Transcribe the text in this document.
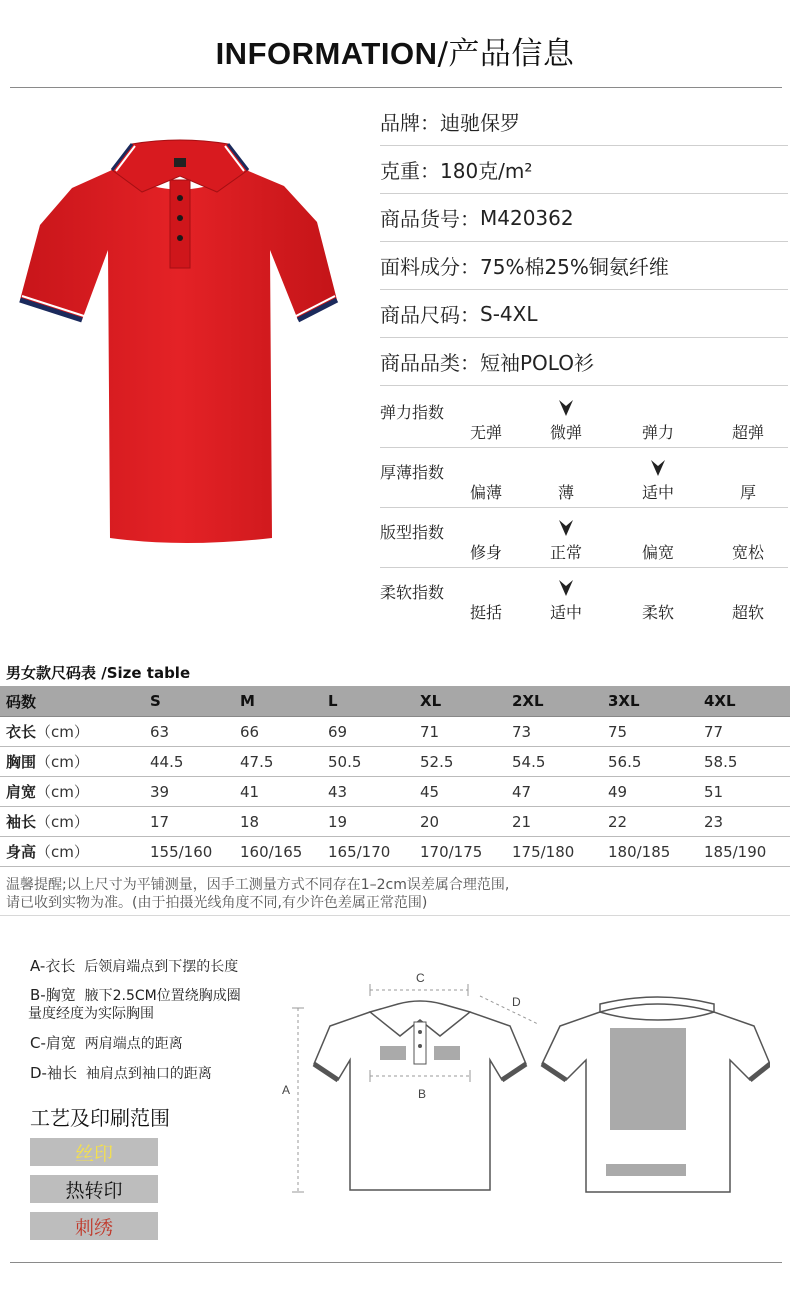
INFORMATION/产品信息
品牌： 迪驰保罗
克重： 180克/m²
商品货号： M420362
面料成分： 75%棉25%铜氨纤维
商品尺码： S-4XL
商品品类： 短袖POLO衫
弹力指数
无弹	微弹	弹力	超弹
厚薄指数
偏薄	薄	适中	厚
版型指数
修身	正常	偏宽	宽松
柔软指数
挺括	适中	柔软	超软
男女款尺码表 /Size table
码数	S	M	L	XL	2XL	3XL	4XL
衣长（cm）	63	66	69	71	73	75	77
胸围（cm）	44.5	47.5	50.5	52.5	54.5	56.5	58.5
肩宽（cm）	39	41	43	45	47	49	51
袖长（cm）	17	18	19	20	21	22	23
身高（cm）	155/160	160/165	165/170	170/175	175/180	180/185	185/190
温馨提醒;以上尺寸为平铺测量，因手工测量方式不同存在1–2cm误差属合理范围,
请已收到实物为准。(由于拍摄光线角度不同,有少许色差属正常范围)
A-衣长 后领肩端点到下摆的长度
B-胸宽 腋下2.5CM位置绕胸成圈
量度经度为实际胸围
C-肩宽 两肩端点的距离
D-袖长 袖肩点到袖口的距离
工艺及印刷范围
丝印
热转印
刺绣
A
C
D
B
